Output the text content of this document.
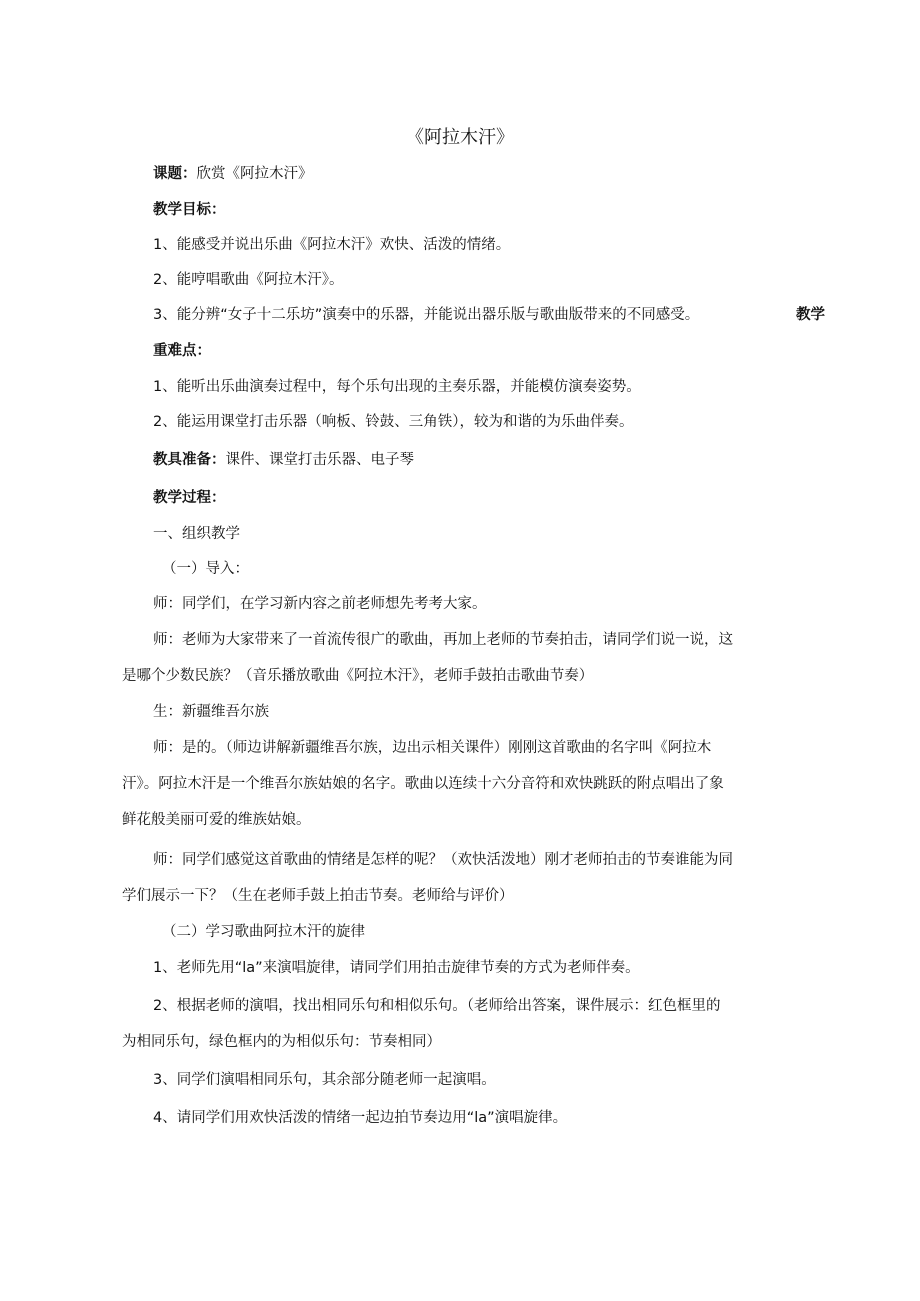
《阿拉木汗》
课题：欣赏《阿拉木汗》
教学目标：
1、能感受并说出乐曲《阿拉木汗》欢快、活泼的情绪。
2、能哼唱歌曲《阿拉木汗》。
3、能分辨“女子十二乐坊”演奏中的乐器，并能说出器乐版与歌曲版带来的不同感受。	教学
重难点：
1、能听出乐曲演奏过程中，每个乐句出现的主奏乐器，并能模仿演奏姿势。
2、能运用课堂打击乐器（响板、铃鼓、三角铁），较为和谐的为乐曲伴奏。
教具准备：课件、课堂打击乐器、电子琴
教学过程：
一、组织教学
（一）导入：
师：同学们，在学习新内容之前老师想先考考大家。
师：老师为大家带来了一首流传很广的歌曲，再加上老师的节奏拍击，请同学们说一说，这
是哪个少数民族？（音乐播放歌曲《阿拉木汗》，老师手鼓拍击歌曲节奏）
生：新疆维吾尔族
师：是的。（师边讲解新疆维吾尔族，边出示相关课件）刚刚这首歌曲的名字叫《阿拉木
汗》。阿拉木汗是一个维吾尔族姑娘的名字。歌曲以连续十六分音符和欢快跳跃的附点唱出了象
鲜花般美丽可爱的维族姑娘。
师：同学们感觉这首歌曲的情绪是怎样的呢？（欢快活泼地）刚才老师拍击的节奏谁能为同
学们展示一下？（生在老师手鼓上拍击节奏。老师给与评价）
（二）学习歌曲阿拉木汗的旋律
1、老师先用“la”来演唱旋律，请同学们用拍击旋律节奏的方式为老师伴奏。
2、根据老师的演唱，找出相同乐句和相似乐句。（老师给出答案，课件展示：红色框里的
为相同乐句，绿色框内的为相似乐句：节奏相同）
3、同学们演唱相同乐句，其余部分随老师一起演唱。
4、请同学们用欢快活泼的情绪一起边拍节奏边用“la”演唱旋律。
